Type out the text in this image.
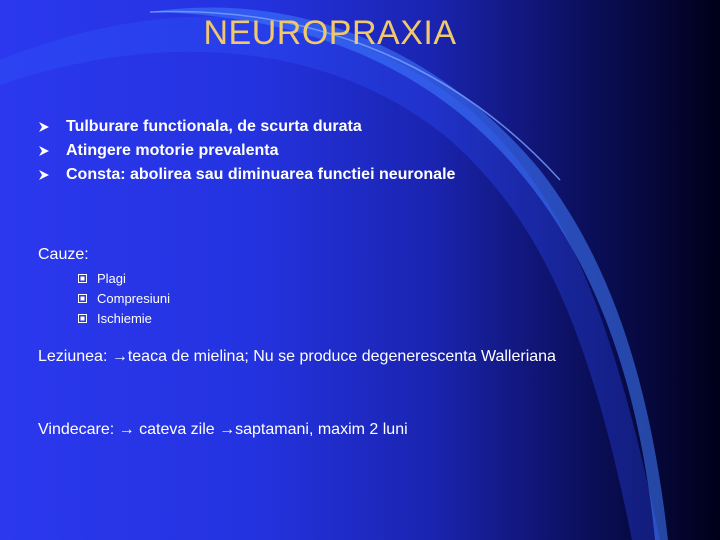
NEUROPRAXIA
Tulburare functionala, de scurta durata
Atingere motorie prevalenta
Consta: abolirea sau diminuarea functiei neuronale
Cauze:
Plagi
Compresiuni
Ischiemie
Leziunea: →teaca de mielina; Nu se produce degenerescenta Walleriana
Vindecare: → cateva zile →saptamani, maxim 2 luni
